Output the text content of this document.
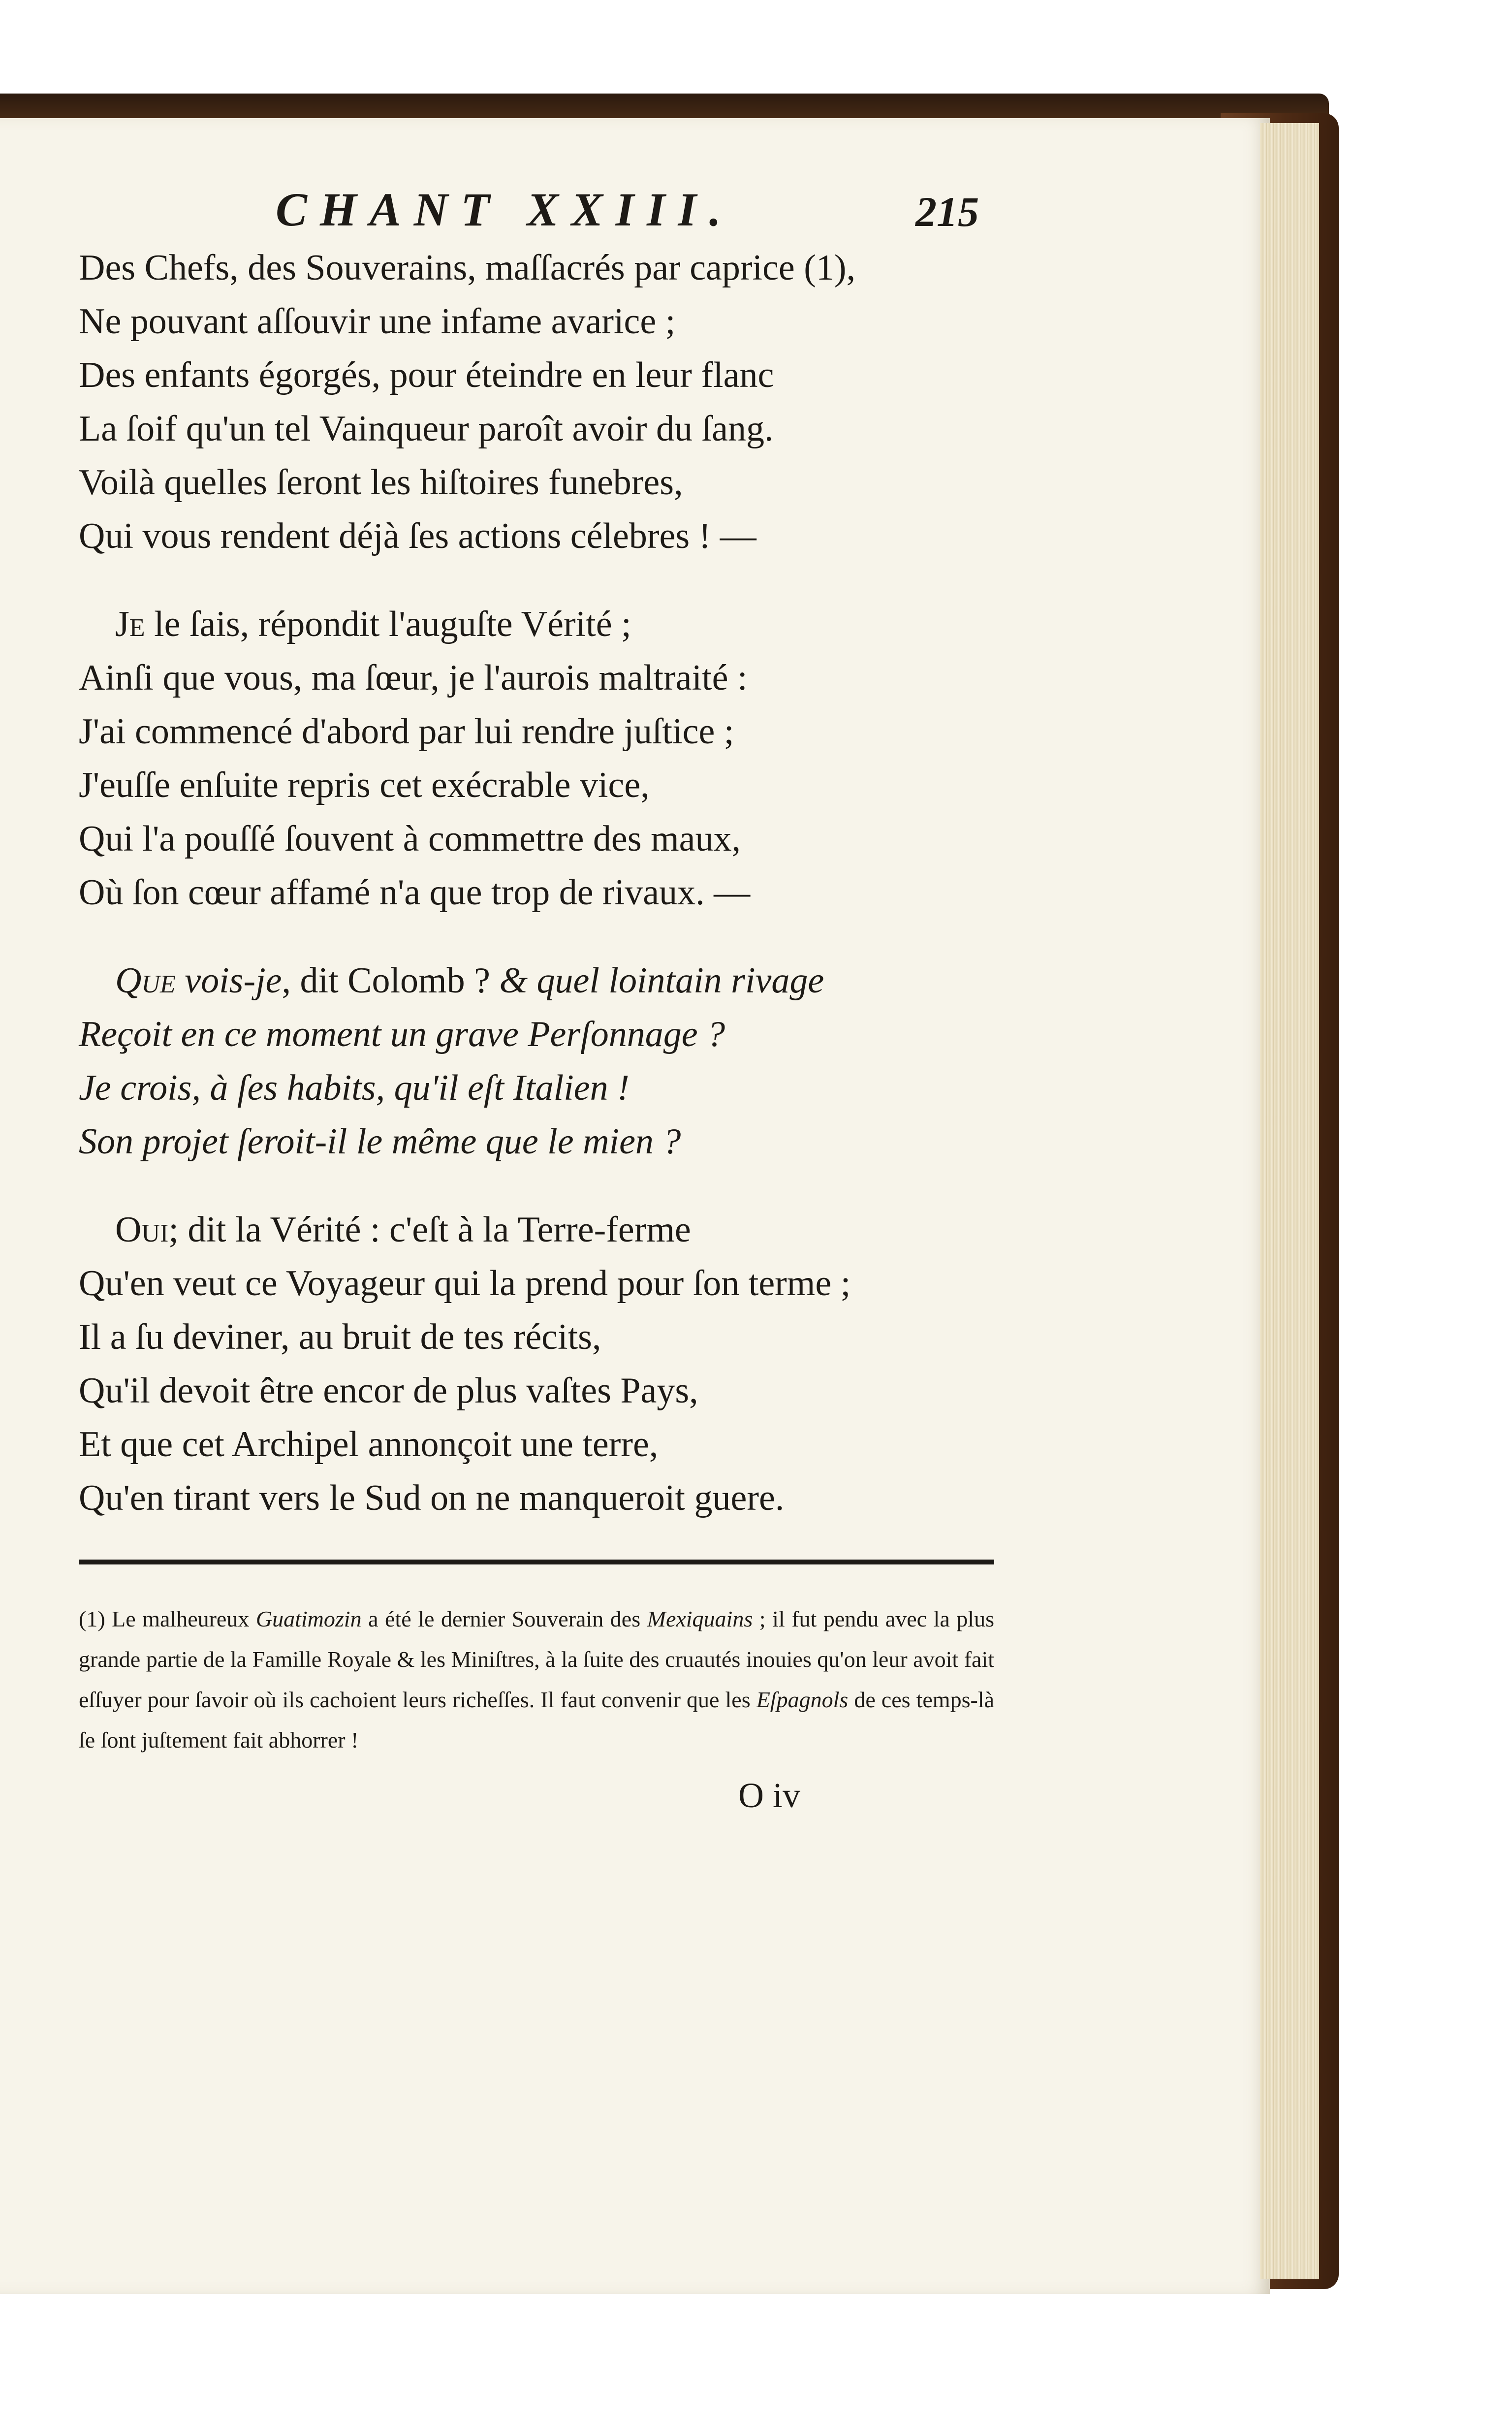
CHANT XXIII.	215
Des Chefs, des Souverains, maſſacrés par caprice (1),
Ne pouvant aſſouvir une infame avarice ;
Des enfants égorgés, pour éteindre en leur flanc
La ſoif qu'un tel Vainqueur paroît avoir du ſang.
Voilà quelles ſeront les hiſtoires funebres,
Qui vous rendent déjà ſes actions célebres ! —
Je le ſais, répondit l'auguſte Vérité ;
Ainſi que vous, ma ſœur, je l'aurois maltraité :
J'ai commencé d'abord par lui rendre juſtice ;
J'euſſe enſuite repris cet exécrable vice,
Qui l'a pouſſé ſouvent à commettre des maux,
Où ſon cœur affamé n'a que trop de rivaux. —
Que vois-je, dit Colomb ? & quel lointain rivage
Reçoit en ce moment un grave Perſonnage ?
Je crois, à ſes habits, qu'il eſt Italien !
Son projet ſeroit-il le même que le mien ?
Oui; dit la Vérité : c'eſt à la Terre-ferme
Qu'en veut ce Voyageur qui la prend pour ſon terme ;
Il a ſu deviner, au bruit de tes récits,
Qu'il devoit être encor de plus vaſtes Pays,
Et que cet Archipel annonçoit une terre,
Qu'en tirant vers le Sud on ne manqueroit guere.
(1) Le malheureux Guatimozin a été le dernier Souverain des Mexiquains ; il fut pendu avec la plus grande partie de la Famille Royale & les Miniſtres, à la ſuite des cruautés inouies qu'on leur avoit fait eſſuyer pour ſavoir où ils cachoient leurs richeſſes. Il faut convenir que les Eſpagnols de ces temps-là ſe ſont juſtement fait abhorrer !
O iv
